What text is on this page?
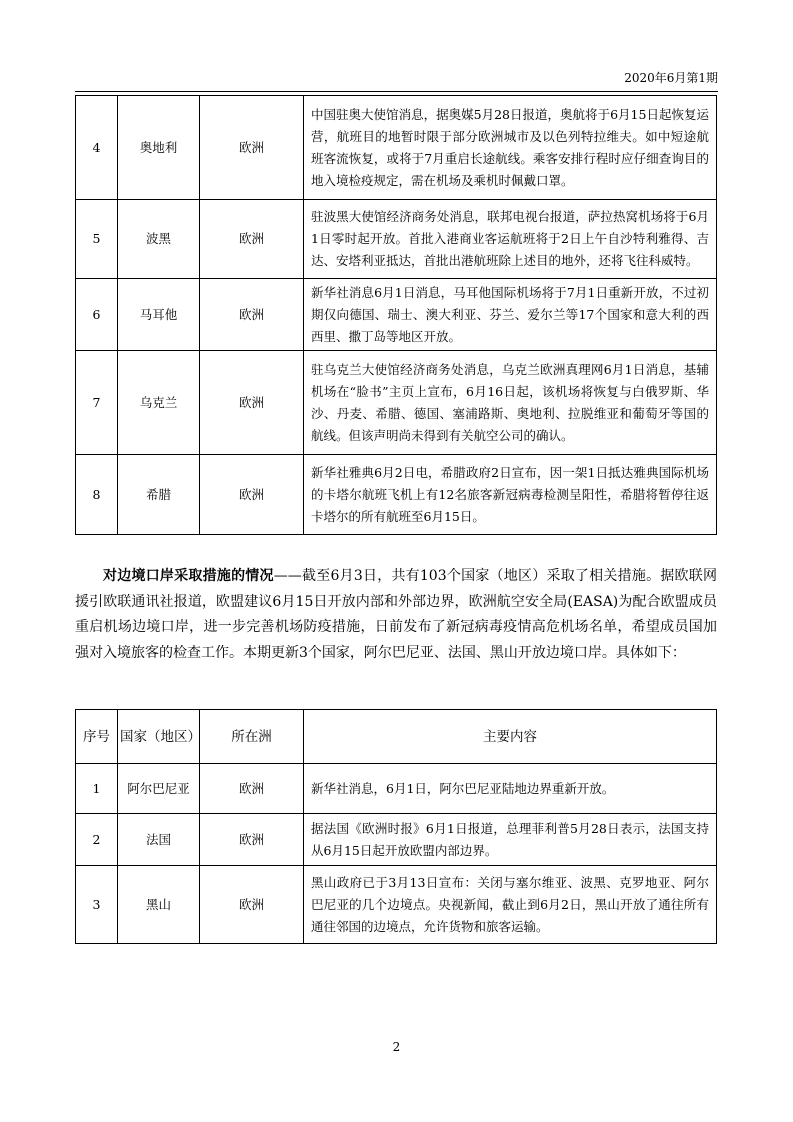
2020年6月第1期
4	奥地利	欧洲	中国驻奥大使馆消息，据奥媒5月28日报道，奥航将于6月15日起恢复运营，航班目的地暂时限于部分欧洲城市及以色列特拉维夫。如中短途航班客流恢复，或将于7月重启长途航线。乘客安排行程时应仔细查询目的地入境检疫规定，需在机场及乘机时佩戴口罩。
5	波黑	欧洲	驻波黑大使馆经济商务处消息，联邦电视台报道，萨拉热窝机场将于6月1日零时起开放。首批入港商业客运航班将于2日上午自沙特利雅得、吉达、安塔利亚抵达，首批出港航班除上述目的地外，还将飞往科威特。
6	马耳他	欧洲	新华社消息6月1日消息，马耳他国际机场将于7月1日重新开放，不过初期仅向德国、瑞士、澳大利亚、芬兰、爱尔兰等17个国家和意大利的西西里、撒丁岛等地区开放。
7	乌克兰	欧洲	驻乌克兰大使馆经济商务处消息，乌克兰欧洲真理网6月1日消息，基辅机场在“脸书”主页上宣布，6月16日起，该机场将恢复与白俄罗斯、华沙、丹麦、希腊、德国、塞浦路斯、奥地利、拉脱维亚和葡萄牙等国的航线。但该声明尚未得到有关航空公司的确认。
8	希腊	欧洲	新华社雅典6月2日电，希腊政府2日宣布，因一架1日抵达雅典国际机场的卡塔尔航班飞机上有12名旅客新冠病毒检测呈阳性，希腊将暂停往返卡塔尔的所有航班至6月15日。

对边境口岸采取措施的情况——截至6月3日，共有103个国家（地区）采取了相关措施。据欧联网援引欧联通讯社报道，欧盟建议6月15日开放内部和外部边界，欧洲航空安全局(EASA)为配合欧盟成员重启机场边境口岸，进一步完善机场防疫措施，日前发布了新冠病毒疫情高危机场名单，希望成员国加强对入境旅客的检查工作。本期更新3个国家，阿尔巴尼亚、法国、黑山开放边境口岸。具体如下：

序号	国家（地区）	所在洲	主要内容
1	阿尔巴尼亚	欧洲	新华社消息，6月1日，阿尔巴尼亚陆地边界重新开放。
2	法国	欧洲	据法国《欧洲时报》6月1日报道，总理菲利普5月28日表示，法国支持从6月15日起开放欧盟内部边界。
3	黑山	欧洲	黑山政府已于3月13日宣布：关闭与塞尔维亚、波黑、克罗地亚、阿尔巴尼亚的几个边境点。央视新闻，截止到6月2日，黑山开放了通往所有通往邻国的边境点，允许货物和旅客运输。
2
